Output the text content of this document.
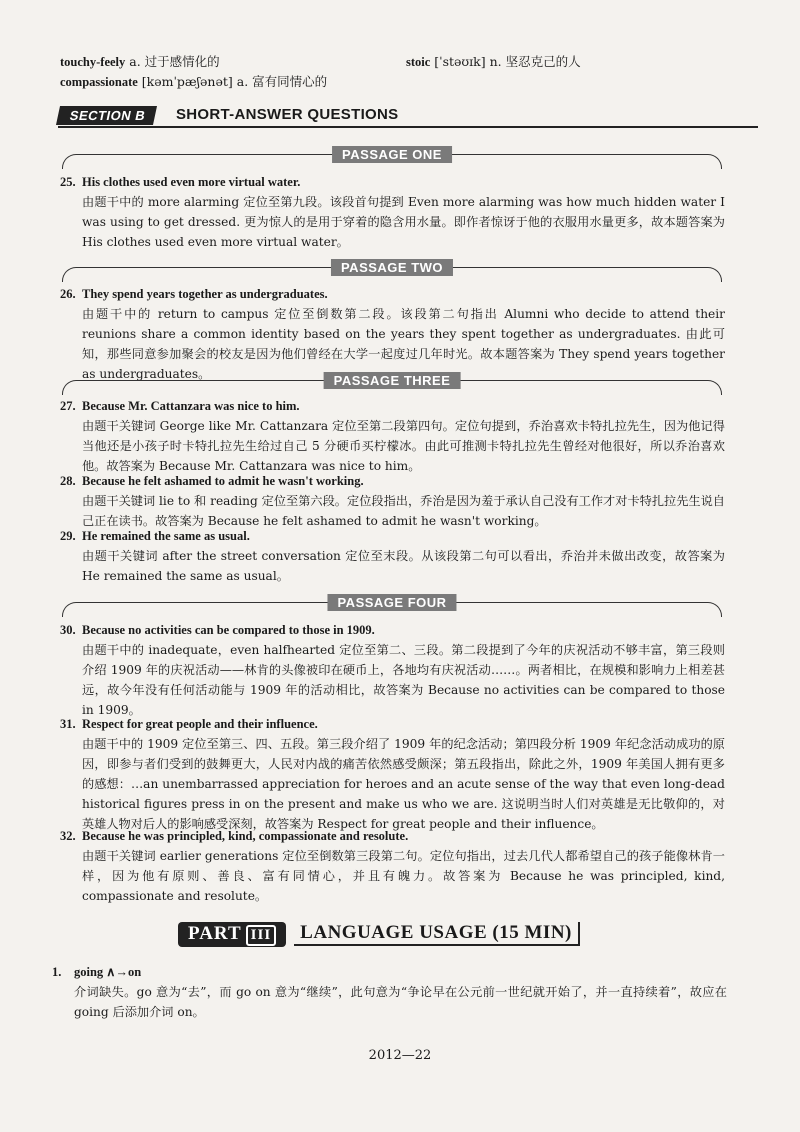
touchy-feely a. 过于感情化的	stoic [ˈstəʊɪk] n. 坚忍克己的人
compassionate [kəmˈpæʃənət] a. 富有同情心的
SECTION B	SHORT-ANSWER QUESTIONS
PASSAGE ONE
25. His clothes used even more virtual water.
由题干中的 more alarming 定位至第九段。该段首句提到 Even more alarming was how much hidden water I was using to get dressed. 更为惊人的是用于穿着的隐含用水量。即作者惊讶于他的衣服用水量更多，故本题答案为 His clothes used even more virtual water。
PASSAGE TWO
26. They spend years together as undergraduates.
由题干中的 return to campus 定位至倒数第二段。该段第二句指出 Alumni who decide to attend their reunions share a common identity based on the years they spent together as undergraduates. 由此可知，那些同意参加聚会的校友是因为他们曾经在大学一起度过几年时光。故本题答案为 They spend years together as undergraduates。	PASSAGE THREE
27. Because Mr. Cattanzara was nice to him.
由题干关键词 George like Mr. Cattanzara 定位至第二段第四句。定位句提到，乔治喜欢卡特扎拉先生，因为他记得当他还是小孩子时卡特扎拉先生给过自己 5 分硬币买柠檬冰。由此可推测卡特扎拉先生曾经对他很好，所以乔治喜欢他。故答案为 Because Mr. Cattanzara was nice to him。
28. Because he felt ashamed to admit he wasn't working.
由题干关键词 lie to 和 reading 定位至第六段。定位段指出，乔治是因为羞于承认自己没有工作才对卡特扎拉先生说自己正在读书。故答案为 Because he felt ashamed to admit he wasn't working。
29. He remained the same as usual.
由题干关键词 after the street conversation 定位至末段。从该段第二句可以看出，乔治并未做出改变，故答案为 He remained the same as usual。
PASSAGE FOUR
30. Because no activities can be compared to those in 1909.
由题干中的 inadequate，even halfhearted 定位至第二、三段。第二段提到了今年的庆祝活动不够丰富，第三段则介绍 1909 年的庆祝活动——林肯的头像被印在硬币上，各地均有庆祝活动……。两者相比，在规模和影响力上相差甚远，故今年没有任何活动能与 1909 年的活动相比，故答案为 Because no activities can be compared to those in 1909。
31. Respect for great people and their influence.
由题干中的 1909 定位至第三、四、五段。第三段介绍了 1909 年的纪念活动；第四段分析 1909 年纪念活动成功的原因，即参与者们受到的鼓舞更大，人民对内战的痛苦依然感受颇深；第五段指出，除此之外，1909 年美国人拥有更多的感想：…an unembarrassed appreciation for heroes and an acute sense of the way that even long-dead historical figures press in on the present and make us who we are. 这说明当时人们对英雄是无比敬仰的，对英雄人物对后人的影响感受深刻，故答案为 Respect for great people and their influence。
32. Because he was principled, kind, compassionate and resolute.
由题干关键词 earlier generations 定位至倒数第三段第二句。定位句指出，过去几代人都希望自己的孩子能像林肯一样，因为他有原则、善良、富有同情心，并且有魄力。故答案为 Because he was principled, kind, compassionate and resolute。
PART III	LANGUAGE USAGE (15 MIN)
1. going ∧→on
介词缺失。go 意为“去”，而 go on 意为“继续”，此句意为“争论早在公元前一世纪就开始了，并一直持续着”，故应在 going 后添加介词 on。
2012—22
